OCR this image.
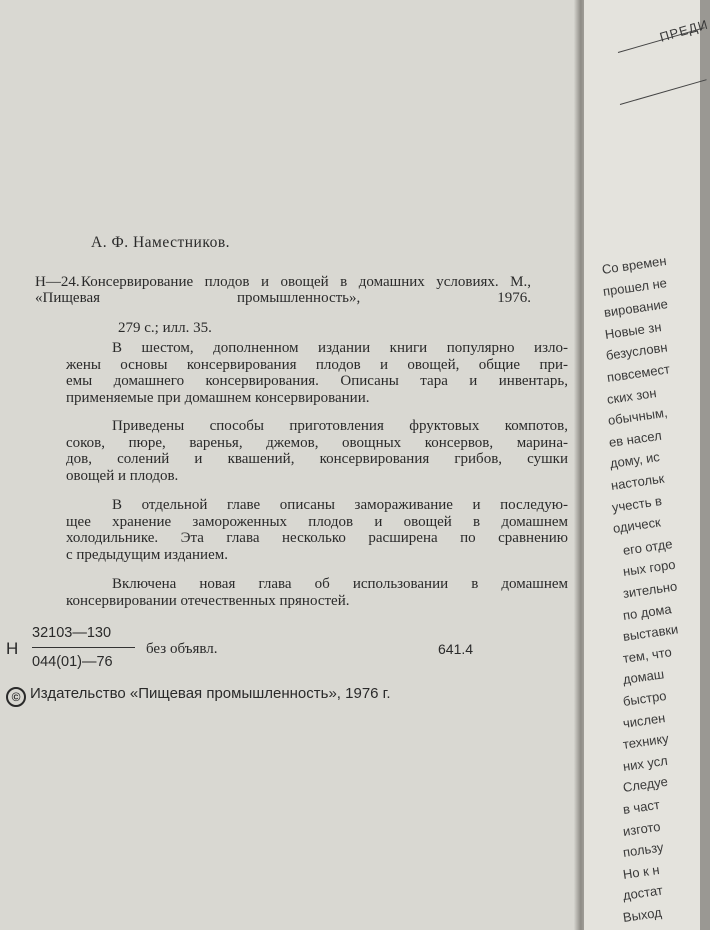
А. Ф. Наместников.
Н—24. Консервирование плодов и овощей в домашних условиях. М., «Пищевая промышленность», 1976.
279 с.; илл. 35.
В шестом, дополненном издании книги популярно изло-
жены основы консервирования плодов и овощей, общие при-
емы домашнего консервирования. Описаны тара и инвентарь,
применяемые при домашнем консервировании.
Приведены способы приготовления фруктовых компотов,
соков, пюре, варенья, джемов, овощных консервов, марина-
дов, солений и квашений, консервирования грибов, сушки
овощей и плодов.
В отдельной главе описаны замораживание и последую-
щее хранение замороженных плодов и овощей в домашнем
холодильнике. Эта глава несколько расширена по сравнению
с предыдущим изданием.
Включена новая глава об использовании в домашнем
консервировании отечественных пряностей.
Н
32103—130
044(01)—76
без объявл.	641.4
© Издательство «Пищевая промышленность», 1976 г.
ПРЕДИ
Со времен
прошел не
вирование
Новые зн
безусловн
повсемест
ских зон
обычным,
ев насел
дому, ис
настольк
учесть в
одическ
его отде
ных горо
зительно
по дома
выставки
тем, что
домаш
быстро
числен
технику
них усл
Следуе
в част
изгото
пользу
Но к н
достат
Выход
